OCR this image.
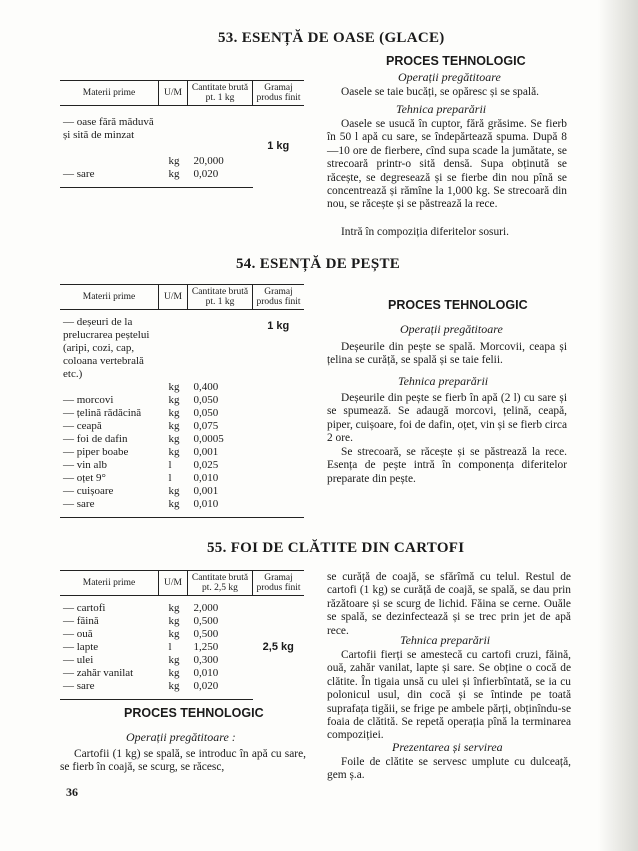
53. ESENȚĂ DE OASE (GLACE)
Materii prime	U/M	Cantitate brută pt. 1 kg	Gramaj produs finit
— oase fără măduvă și sită de minzat	kg	20,000	1 kg
— sare	kg	0,020	
PROCES TEHNOLOGIC
Operații pregătitoare
Oasele se taie bucăți, se opăresc și se spală.
Tehnica preparării
Oasele se usucă în cuptor, fără grăsime. Se fierb în 50 l apă cu sare, se îndepărtează spuma. După 8—10 ore de fierbere, cînd supa scade la jumătate, se strecoară printr-o sită densă. Supa obținută se răcește, se degresează și se fierbe din nou pînă se concentrează și rămîne la 1,000 kg. Se strecoară din nou, se răcește și se păstrează la rece.
Intră în compoziția diferitelor sosuri.
54. ESENȚĂ DE PEȘTE
Materii prime	U/M	Cantitate brută pt. 1 kg	Gramaj produs finit
— deșeuri de la prelucrarea peștelui (aripi, cozi, cap, coloana vertebrală etc.)	kg	0,400	1 kg
— morcovi	kg	0,050	
— țelină rădăcină	kg	0,050	
— ceapă	kg	0,075	
— foi de dafin	kg	0,0005	
— piper boabe	kg	0,001	
— vin alb	l	0,025	
— oțet 9°	l	0,010	
— cuișoare	kg	0,001	
— sare	kg	0,010	
PROCES TEHNOLOGIC
Operații pregătitoare
Deșeurile din pește se spală. Morcovii, ceapa și țelina se curăță, se spală și se taie felii.
Tehnica preparării
Deșeurile din pește se fierb în apă (2 l) cu sare și se spumează. Se adaugă morcovi, țelină, ceapă, piper, cuișoare, foi de dafin, oțet, vin și se fierb circa 2 ore.
Se strecoară, se răcește și se păstrează la rece. Esența de pește intră în componența diferitelor preparate din pește.
55. FOI DE CLĂTITE DIN CARTOFI
Materii prime	U/M	Cantitate brută pt. 2,5 kg	Gramaj produs finit
— cartofi	kg	2,000	2,5 kg
— făină	kg	0,500	
— ouă	kg	0,500	
— lapte	l	1,250	
— ulei	kg	0,300	
— zahăr vanilat	kg	0,010	
— sare	kg	0,020	
PROCES TEHNOLOGIC
Operații pregătitoare :
Cartofii (1 kg) se spală, se introduc în apă cu sare, se fierb în coajă, se scurg, se răcesc,
se curăță de coajă, se sfărîmă cu telul. Restul de cartofi (1 kg) se curăță de coajă, se spală, se dau prin răzătoare și se scurg de lichid. Făina se cerne. Ouăle se spală, se dezinfectează și se trec prin jet de apă rece.
Tehnica preparării
Cartofii fierți se amestecă cu cartofi cruzi, făină, ouă, zahăr vanilat, lapte și sare. Se obține o cocă de clătite. În tigaia unsă cu ulei și înfierbîntată, se ia cu polonicul usul, din cocă și se întinde pe toată suprafața tigăii, se frige pe ambele părți, obținîndu-se foaia de clătită. Se repetă operația pînă la terminarea compoziției.
Prezentarea și servirea
Foile de clătite se servesc umplute cu dulceață, gem ș.a.
36
